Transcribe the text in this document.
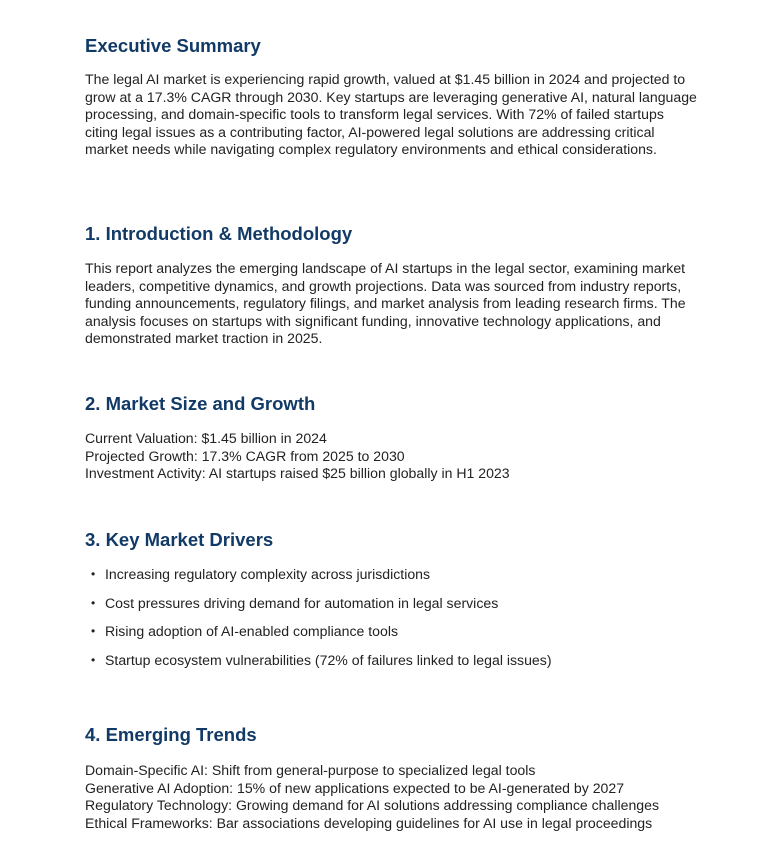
Executive Summary

The legal AI market is experiencing rapid growth, valued at $1.45 billion in 2024 and projected to grow at a 17.3% CAGR through 2030. Key startups are leveraging generative AI, natural language processing, and domain-specific tools to transform legal services. With 72% of failed startups citing legal issues as a contributing factor, AI-powered legal solutions are addressing critical market needs while navigating complex regulatory environments and ethical considerations.

1. Introduction & Methodology

This report analyzes the emerging landscape of AI startups in the legal sector, examining market leaders, competitive dynamics, and growth projections. Data was sourced from industry reports, funding announcements, regulatory filings, and market analysis from leading research firms. The analysis focuses on startups with significant funding, innovative technology applications, and demonstrated market traction in 2025.

2. Market Size and Growth
Current Valuation: $1.45 billion in 2024
Projected Growth: 17.3% CAGR from 2025 to 2030
Investment Activity: AI startups raised $25 billion globally in H1 2023
3. Key Market Drivers
• Increasing regulatory complexity across jurisdictions
• Cost pressures driving demand for automation in legal services
• Rising adoption of AI-enabled compliance tools
• Startup ecosystem vulnerabilities (72% of failures linked to legal issues)
4. Emerging Trends
Domain-Specific AI: Shift from general-purpose to specialized legal tools
Generative AI Adoption: 15% of new applications expected to be AI-generated by 2027
Regulatory Technology: Growing demand for AI solutions addressing compliance challenges
Ethical Frameworks: Bar associations developing guidelines for AI use in legal proceedings
